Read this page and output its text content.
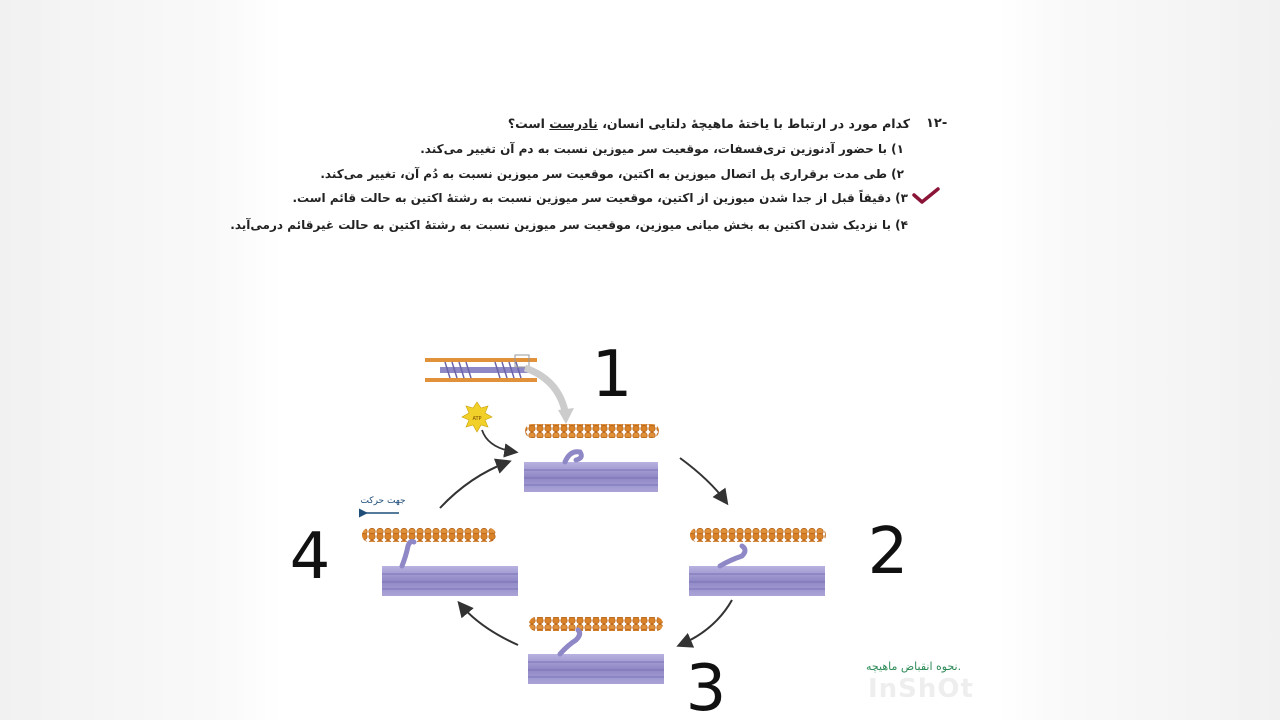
-۱۲
کدام مورد در ارتباط با یاختهٔ ماهیچهٔ دلتایی انسان، نادرست است؟
۱) با حضور آدنوزین تری‌فسفات، موقعیت سر میوزین نسبت به دم آن تغییر می‌کند.
۲) طی مدت برقراری پل اتصال میوزین به اکتین، موقعیت سر میوزین نسبت به دُم آن، تغییر می‌کند.
۳) دقیقاً قبل از جدا شدن میوزین از اکتین، موقعیت سر میوزین نسبت به رشتهٔ اکتین به حالت قائم است.
۴) با نزدیک شدن اکتین به بخش میانی میوزین، موقعیت سر میوزین نسبت به رشتهٔ اکتین به حالت غیرقائم درمی‌آید.
ATP
جهت حرکت
1
2
3
4
.نحوه انقباض ماهیچه
InShOt
